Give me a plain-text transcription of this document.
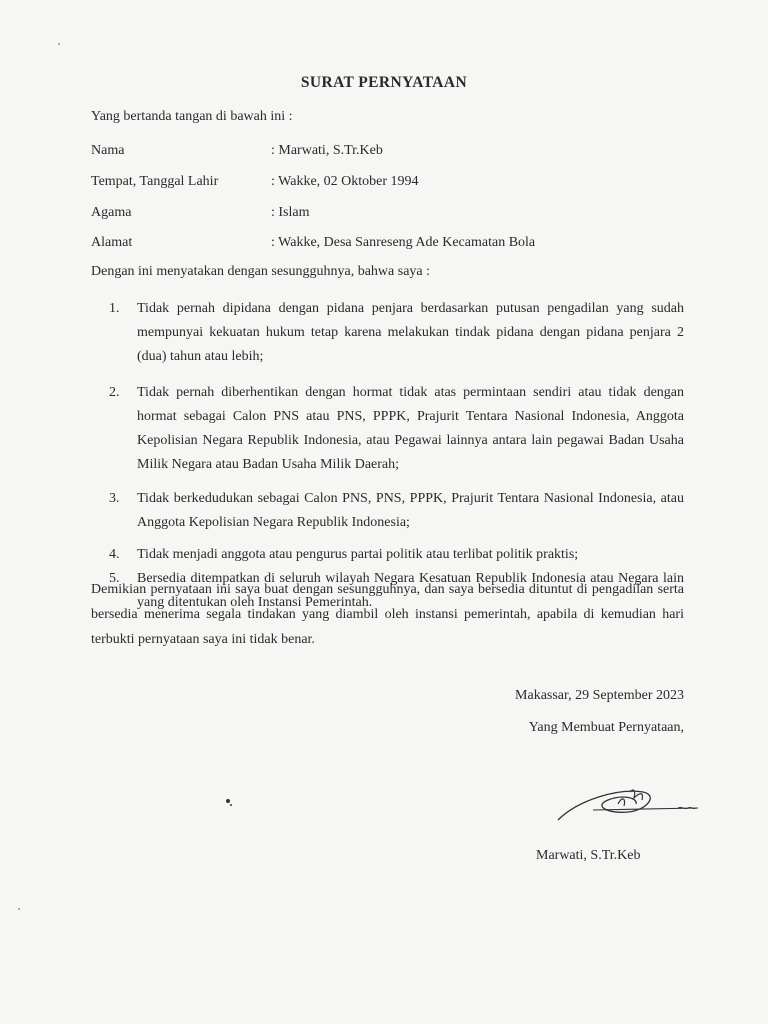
SURAT PERNYATAAN
Yang bertanda tangan di bawah ini :
Nama	: Marwati, S.Tr.Keb
Tempat, Tanggal Lahir	: Wakke, 02 Oktober 1994
Agama	: Islam
Alamat	: Wakke, Desa Sanreseng Ade Kecamatan Bola
Dengan ini menyatakan dengan sesungguhnya, bahwa saya :
1.	Tidak pernah dipidana dengan pidana penjara berdasarkan putusan pengadilan yang sudah mempunyai kekuatan hukum tetap karena melakukan tindak pidana dengan pidana penjara 2 (dua) tahun atau lebih;
2.	Tidak pernah diberhentikan dengan hormat tidak atas permintaan sendiri atau tidak dengan hormat sebagai Calon PNS atau PNS, PPPK, Prajurit Tentara Nasional Indonesia, Anggota Kepolisian Negara Republik Indonesia, atau Pegawai lainnya antara lain pegawai Badan Usaha Milik Negara atau Badan Usaha Milik Daerah;
3.	Tidak berkedudukan sebagai Calon PNS, PNS, PPPK, Prajurit Tentara Nasional Indonesia, atau Anggota Kepolisian Negara Republik Indonesia;
4.	Tidak menjadi anggota atau pengurus partai politik atau terlibat politik praktis;
5.	Bersedia ditempatkan di seluruh wilayah Negara Kesatuan Republik Indonesia atau Negara lain yang ditentukan oleh Instansi Pemerintah.
Demikian pernyataan ini saya buat dengan sesungguhnya, dan saya bersedia dituntut di pengadilan serta bersedia menerima segala tindakan yang diambil oleh instansi pemerintah, apabila di kemudian hari terbukti pernyataan saya ini tidak benar.
Makassar, 29 September 2023
Yang Membuat Pernyataan,
Marwati, S.Tr.Keb
